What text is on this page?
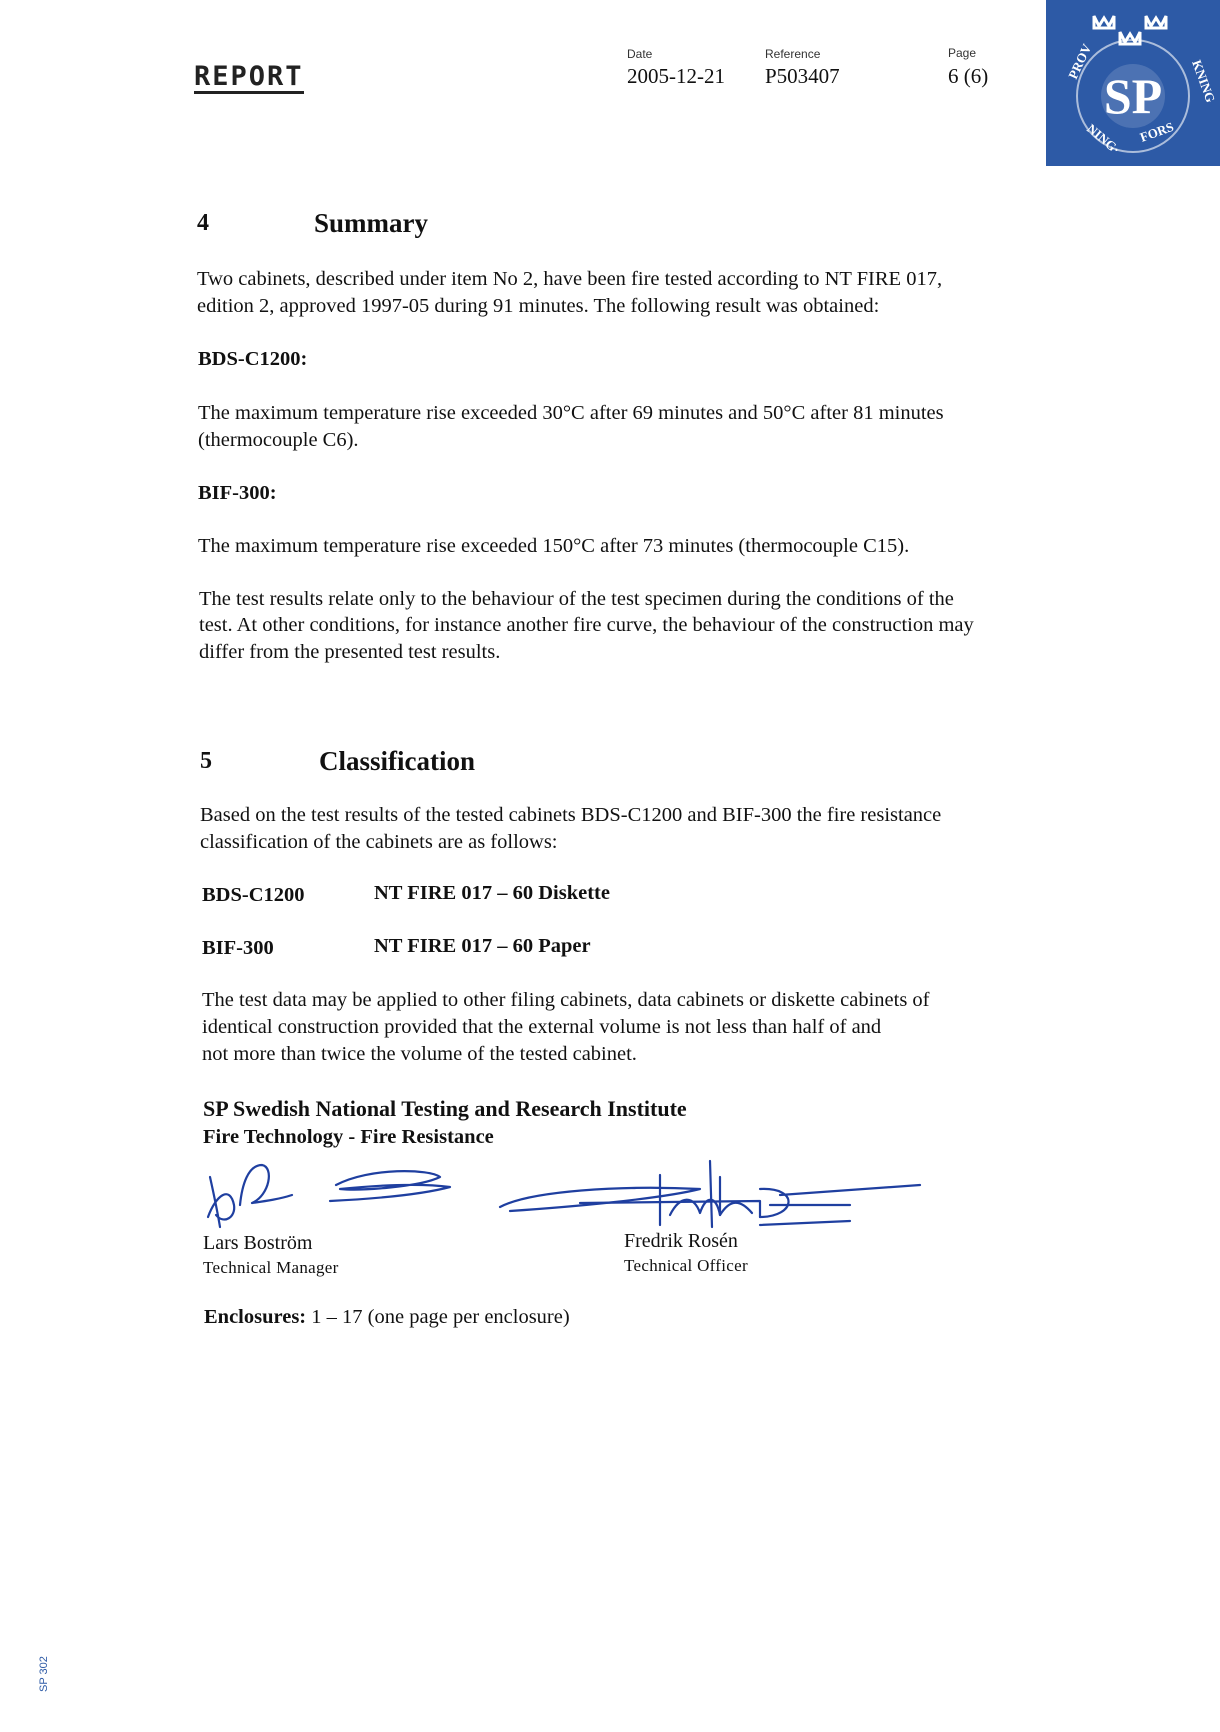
REPORT
Date
2005-12-21
Reference
P503407
Page
6 (6) SP
PROV
NING· FORS
KNING
4	Summary
Two cabinets, described under item No 2, have been fire tested according to NT FIRE 017,
edition 2, approved 1997-05 during 91 minutes. The following result was obtained:
BDS-C1200:
The maximum temperature rise exceeded 30°C after 69 minutes and 50°C after 81 minutes
(thermocouple C6).
BIF-300:
The maximum temperature rise exceeded 150°C after 73 minutes (thermocouple C15).
The test results relate only to the behaviour of the test specimen during the conditions of the
test. At other conditions, for instance another fire curve, the behaviour of the construction may
differ from the presented test results.
5	Classification
Based on the test results of the tested cabinets BDS-C1200 and BIF-300 the fire resistance
classification of the cabinets are as follows:
BDS-C1200	NT FIRE 017 – 60 Diskette
BIF-300	NT FIRE 017 – 60 Paper
The test data may be applied to other filing cabinets, data cabinets or diskette cabinets of
identical construction provided that the external volume is not less than half of and
not more than twice the volume of the tested cabinet.
SP Swedish National Testing and Research Institute
Fire Technology - Fire Resistance
Lars Boström
Technical Manager
Fredrik Rosén
Technical Officer
Enclosures: 1 – 17 (one page per enclosure)
SP 302
